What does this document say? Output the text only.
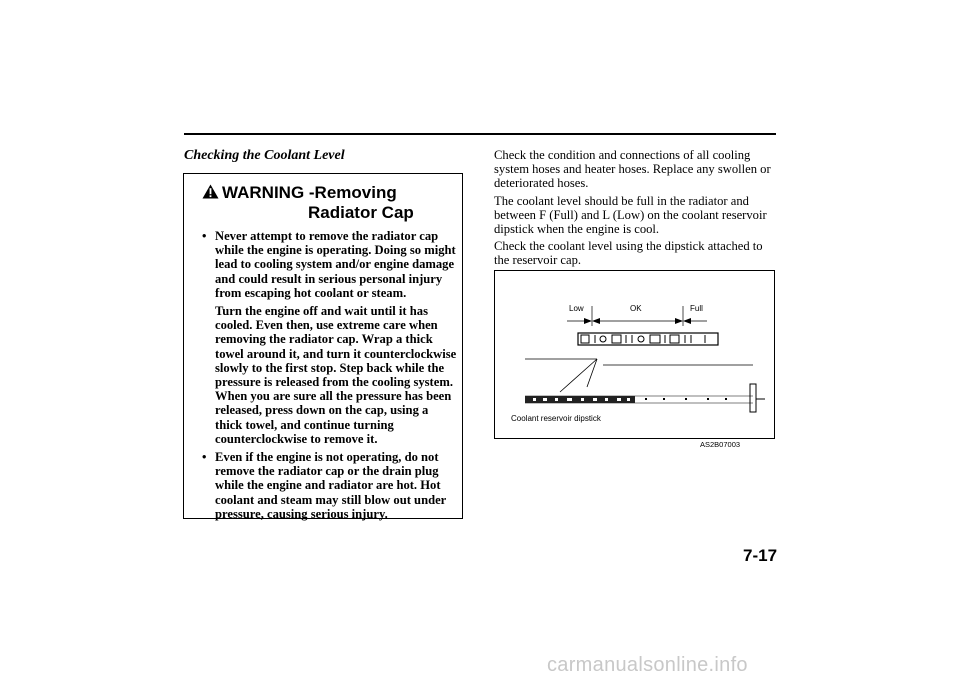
Checking the Coolant Level
WARNING -Removing
Radiator Cap
• Never attempt to remove the radiator cap while the engine is operating. Doing so might lead to cooling system and/or engine damage and could result in serious personal injury from escaping hot coolant or steam.
Turn the engine off and wait until it has cooled. Even then, use extreme care when removing the radiator cap. Wrap a thick towel around it, and turn it counterclockwise slowly to the first stop. Step back while the pressure is released from the cooling system. When you are sure all the pressure has been released, press down on the cap, using a thick towel, and continue turning counterclockwise to remove it.
• Even if the engine is not operating, do not remove the radiator cap or the drain plug while the engine and radiator are hot. Hot coolant and steam may still blow out under pressure, causing serious injury.

Check the condition and connections of all cooling system hoses and heater hoses. Replace any swollen or deteriorated hoses.

The coolant level should be full in the radiator and between F (Full) and L (Low) on the coolant reservoir dipstick when the engine is cool.

Check the coolant level using the dipstick attached to the reservoir cap.

Low	OK	Full
Coolant reservoir dipstick
AS2B07003
7-17
carmanualsonline.info
